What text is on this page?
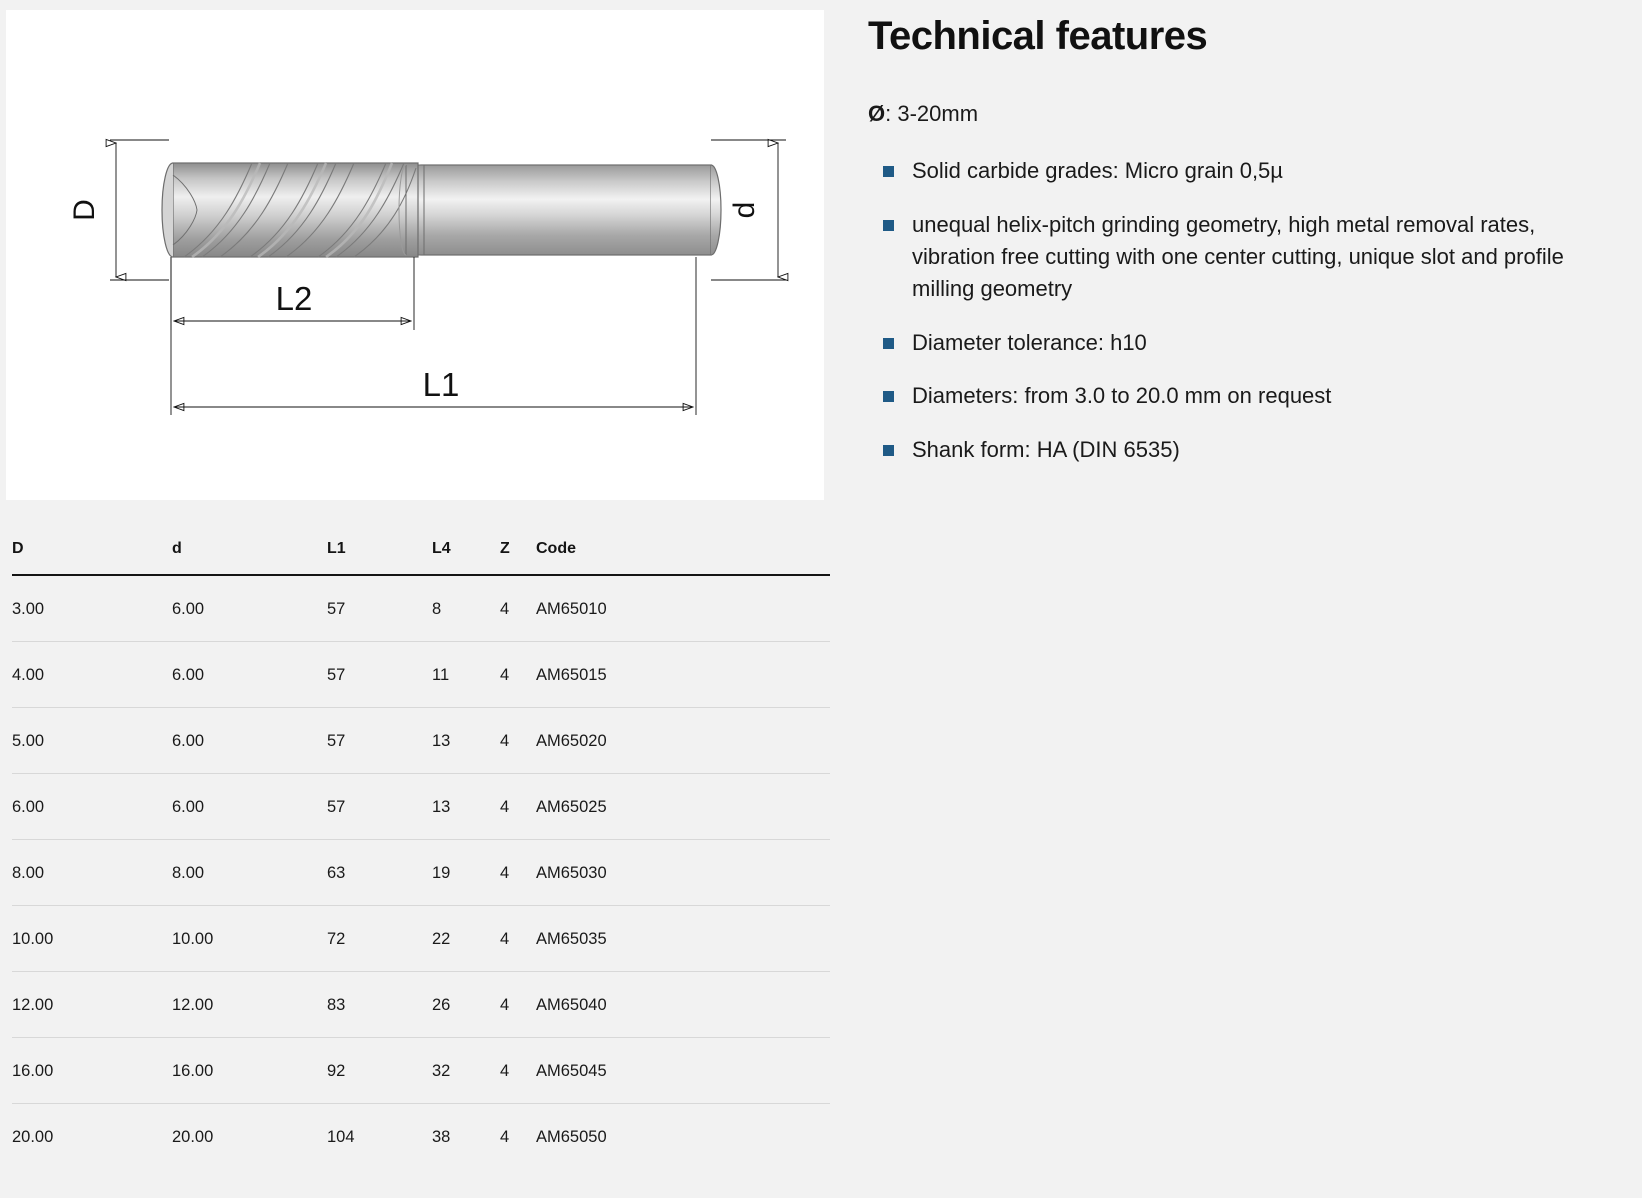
D	d
L2
L1
D	d	L1	L4	Z	Code
3.00	6.00	57	8	4	AM65010
4.00	6.00	57	11	4	AM65015
5.00	6.00	57	13	4	AM65020
6.00	6.00	57	13	4	AM65025
8.00	8.00	63	19	4	AM65030
10.00	10.00	72	22	4	AM65035
12.00	12.00	83	26	4	AM65040
16.00	16.00	92	32	4	AM65045
20.00	20.00	104	38	4	AM65050
Technical features

Ø: 3-20mm

Solid carbide grades: Micro grain 0,5µ
unequal helix-pitch grinding geometry, high metal removal rates, vibration free cutting with one center cutting, unique slot and profile milling geometry
Diameter tolerance: h10
Diameters: from 3.0 to 20.0 mm on request
Shank form: HA (DIN 6535)
